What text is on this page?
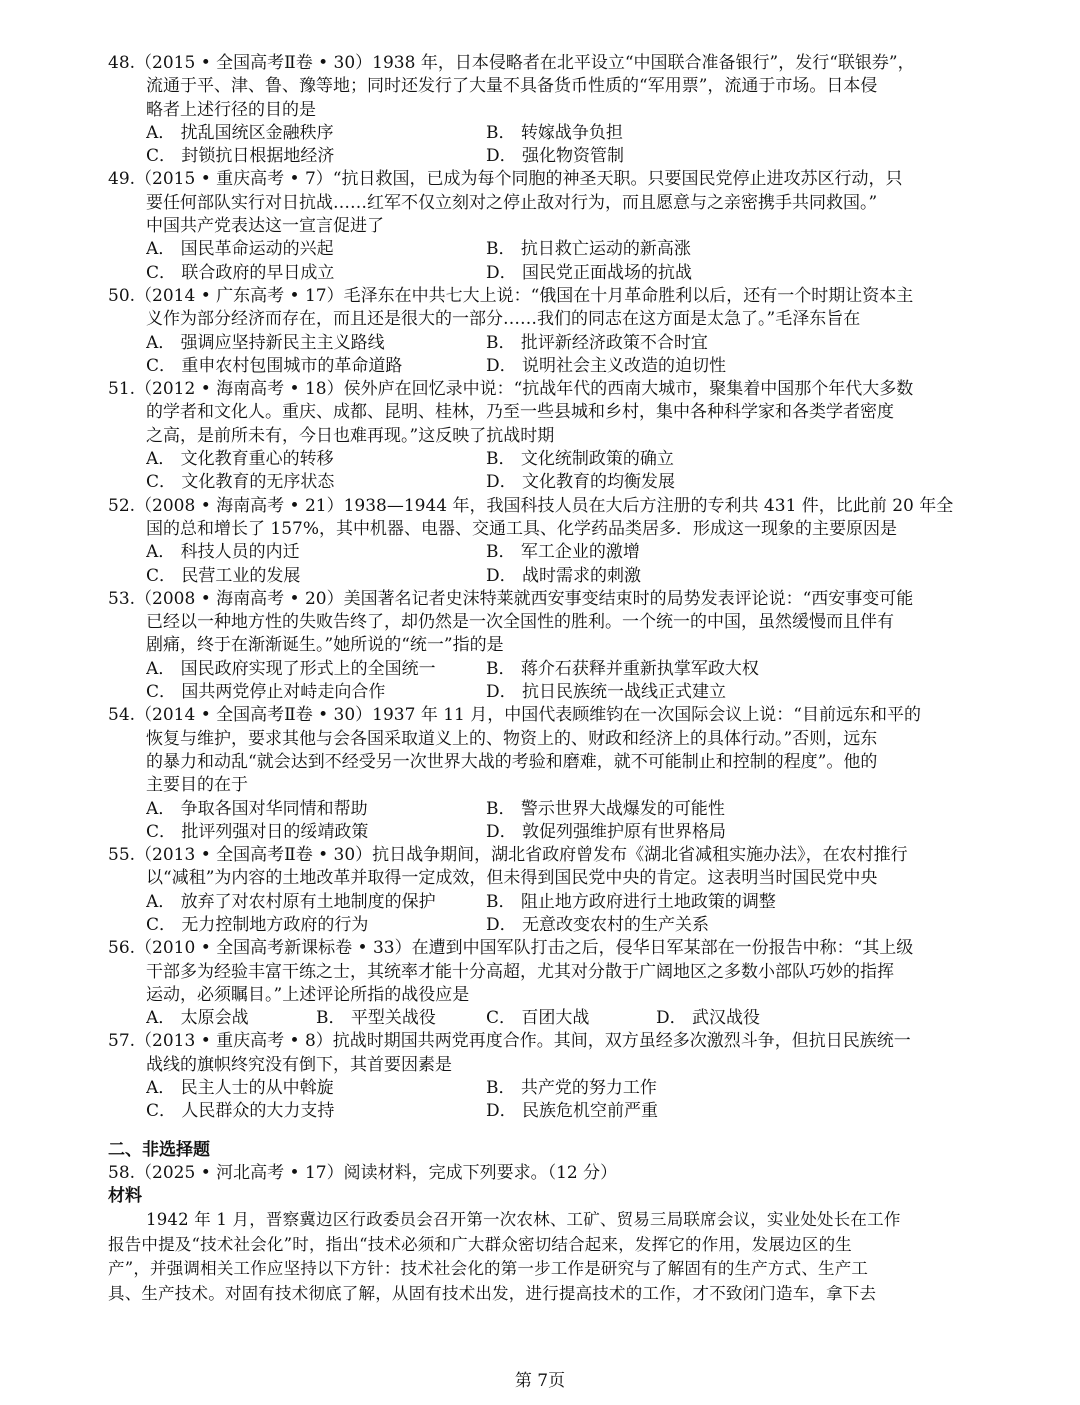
48.（2015 • 全国高考Ⅱ卷 • 30）1938 年，日本侵略者在北平设立“中国联合准备银行”，发行“联银券”，
流通于平、津、鲁、豫等地；同时还发行了大量不具备货币性质的“军用票”，流通于市场。日本侵
略者上述行径的目的是
A． 扰乱国统区金融秩序	B． 转嫁战争负担
C． 封锁抗日根据地经济	D． 强化物资管制
49.（2015 • 重庆高考 • 7）“抗日救国，已成为每个同胞的神圣天职。只要国民党停止进攻苏区行动，只
要任何部队实行对日抗战……红军不仅立刻对之停止敌对行为，而且愿意与之亲密携手共同救国。”
中国共产党表达这一宣言促进了
A． 国民革命运动的兴起	B． 抗日救亡运动的新高涨
C． 联合政府的早日成立	D． 国民党正面战场的抗战
50.（2014 • 广东高考 • 17）毛泽东在中共七大上说：“俄国在十月革命胜利以后，还有一个时期让资本主
义作为部分经济而存在，而且还是很大的一部分……我们的同志在这方面是太急了。”毛泽东旨在
A． 强调应坚持新民主主义路线	B． 批评新经济政策不合时宜
C． 重申农村包围城市的革命道路	D． 说明社会主义改造的迫切性
51.（2012 • 海南高考 • 18）侯外庐在回忆录中说：“抗战年代的西南大城市，聚集着中国那个年代大多数
的学者和文化人。重庆、成都、昆明、桂林，乃至一些县城和乡村，集中各种科学家和各类学者密度
之高，是前所未有，今日也难再现。”这反映了抗战时期
A． 文化教育重心的转移	B． 文化统制政策的确立
C． 文化教育的无序状态	D． 文化教育的均衡发展
52.（2008 • 海南高考 • 21）1938—1944 年，我国科技人员在大后方注册的专利共 431 件，比此前 20 年全
国的总和增长了 157%，其中机器、电器、交通工具、化学药品类居多．形成这一现象的主要原因是
A． 科技人员的内迁	B． 军工企业的激增
C． 民营工业的发展	D． 战时需求的刺激
53.（2008 • 海南高考 • 20）美国著名记者史沫特莱就西安事变结束时的局势发表评论说：“西安事变可能
已经以一种地方性的失败告终了，却仍然是一次全国性的胜利。一个统一的中国，虽然缓慢而且伴有
剧痛，终于在渐渐诞生。”她所说的“统一”指的是
A． 国民政府实现了形式上的全国统一	B． 蒋介石获释并重新执掌军政大权
C． 国共两党停止对峙走向合作	D． 抗日民族统一战线正式建立
54.（2014 • 全国高考Ⅱ卷 • 30）1937 年 11 月，中国代表顾维钧在一次国际会议上说：“目前远东和平的
恢复与维护，要求其他与会各国采取道义上的、物资上的、财政和经济上的具体行动。”否则，远东
的暴力和动乱“就会达到不经受另一次世界大战的考验和磨难，就不可能制止和控制的程度”。他的
主要目的在于
A． 争取各国对华同情和帮助	B． 警示世界大战爆发的可能性
C． 批评列强对日的绥靖政策	D． 敦促列强维护原有世界格局
55.（2013 • 全国高考Ⅱ卷 • 30）抗日战争期间，湖北省政府曾发布《湖北省减租实施办法》，在农村推行
以“减租”为内容的土地改革并取得一定成效，但未得到国民党中央的肯定。这表明当时国民党中央
A． 放弃了对农村原有土地制度的保护	B． 阻止地方政府进行土地政策的调整
C． 无力控制地方政府的行为	D． 无意改变农村的生产关系
56.（2010 • 全国高考新课标卷 • 33）在遭到中国军队打击之后，侵华日军某部在一份报告中称：“其上级
干部多为经验丰富干练之士，其统率才能十分高超，尤其对分散于广阔地区之多数小部队巧妙的指挥
运动，必须瞩目。”上述评论所指的战役应是
A． 太原会战	B． 平型关战役	C． 百团大战	D． 武汉战役
57.（2013 • 重庆高考 • 8）抗战时期国共两党再度合作。其间，双方虽经多次激烈斗争，但抗日民族统一
战线的旗帜终究没有倒下，其首要因素是
A． 民主人士的从中斡旋	B． 共产党的努力工作
C． 人民群众的大力支持	D． 民族危机空前严重
二、非选择题
58.（2025 • 河北高考 • 17）阅读材料，完成下列要求。（12 分）
材料
1942 年 1 月，晋察冀边区行政委员会召开第一次农林、工矿、贸易三局联席会议，实业处处长在工作
报告中提及“技术社会化”时，指出“技术必须和广大群众密切结合起来，发挥它的作用，发展边区的生
产”，并强调相关工作应坚持以下方针：技术社会化的第一步工作是研究与了解固有的生产方式、生产工
具、生产技术。对固有技术彻底了解，从固有技术出发，进行提高技术的工作，才不致闭门造车，拿下去
第 7页
